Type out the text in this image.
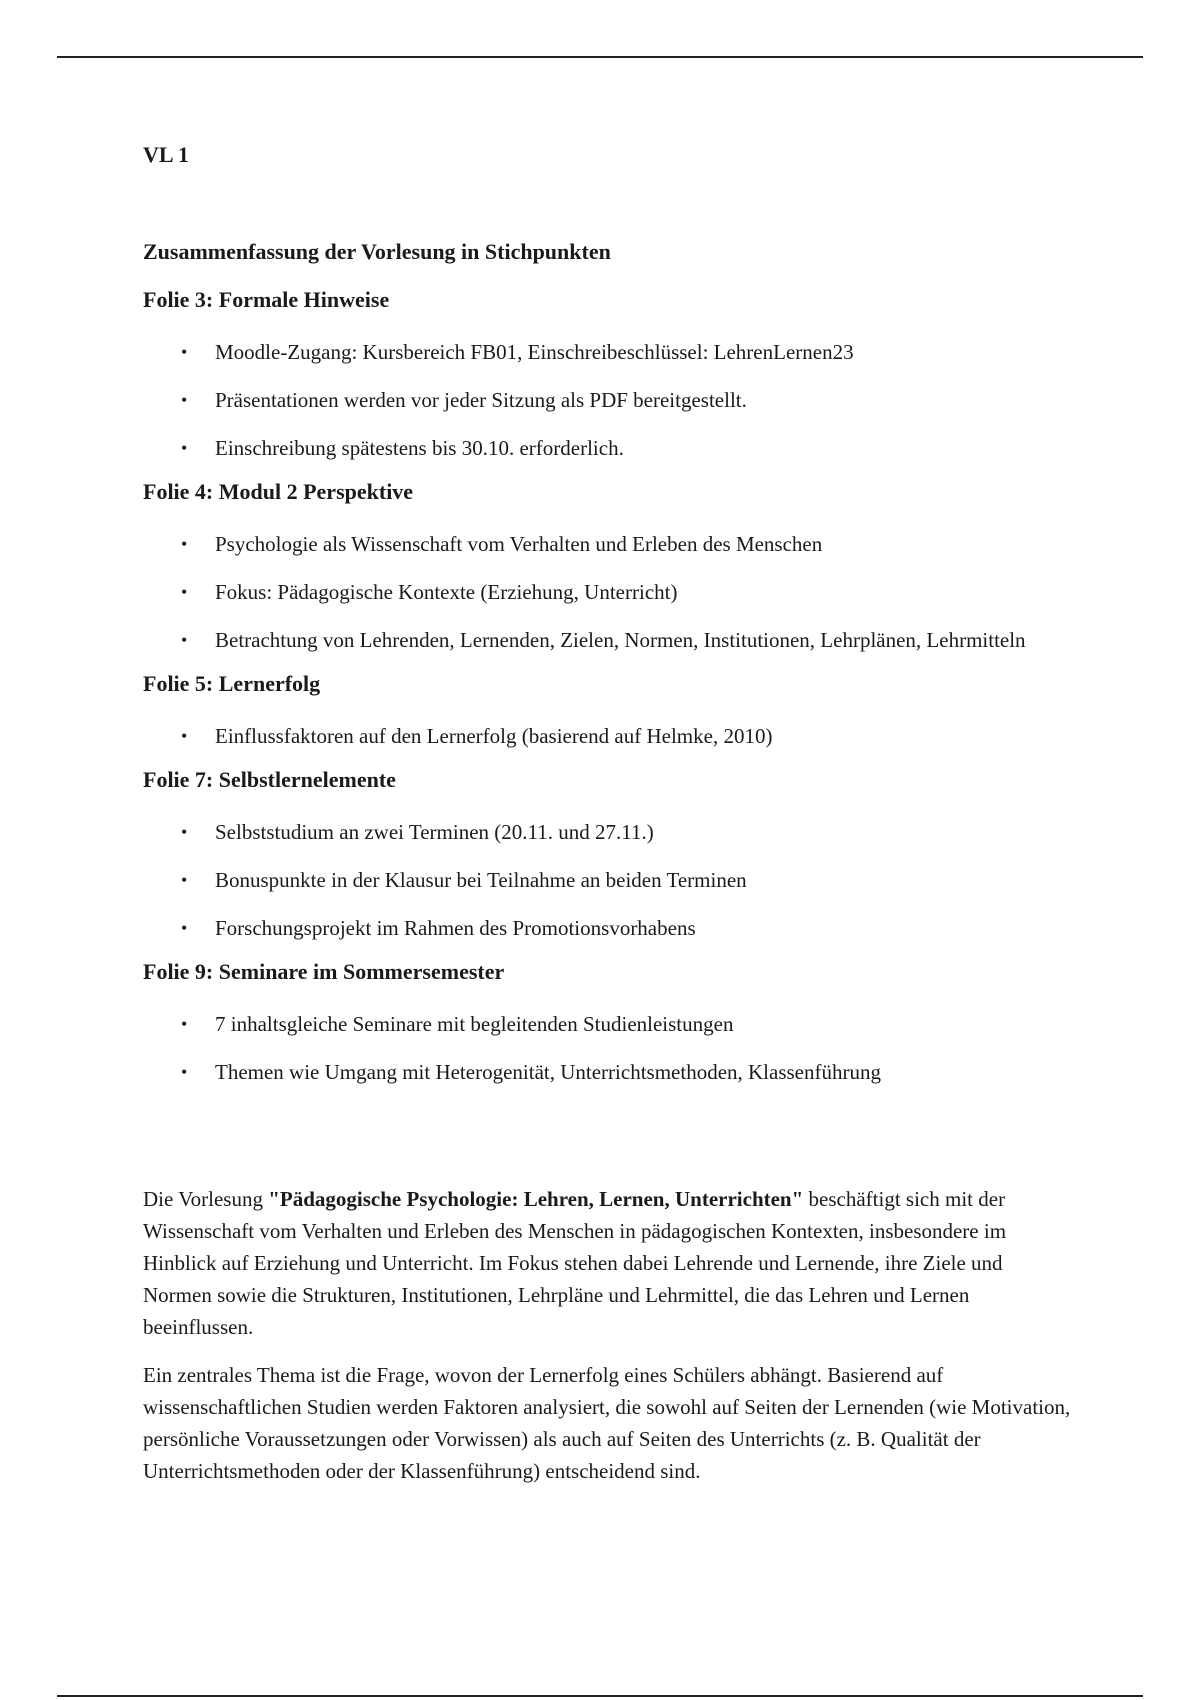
VL 1
Zusammenfassung der Vorlesung in Stichpunkten
Folie 3: Formale Hinweise
• Moodle-Zugang: Kursbereich FB01, Einschreibeschlüssel: LehrenLernen23
• Präsentationen werden vor jeder Sitzung als PDF bereitgestellt.
• Einschreibung spätestens bis 30.10. erforderlich.
Folie 4: Modul 2 Perspektive
• Psychologie als Wissenschaft vom Verhalten und Erleben des Menschen
• Fokus: Pädagogische Kontexte (Erziehung, Unterricht)
• Betrachtung von Lehrenden, Lernenden, Zielen, Normen, Institutionen, Lehrplänen, Lehrmitteln
Folie 5: Lernerfolg
• Einflussfaktoren auf den Lernerfolg (basierend auf Helmke, 2010)
Folie 7: Selbstlernelemente
• Selbststudium an zwei Terminen (20.11. und 27.11.)
• Bonuspunkte in der Klausur bei Teilnahme an beiden Terminen
• Forschungsprojekt im Rahmen des Promotionsvorhabens
Folie 9: Seminare im Sommersemester
• 7 inhaltsgleiche Seminare mit begleitenden Studienleistungen
• Themen wie Umgang mit Heterogenität, Unterrichtsmethoden, Klassenführung

Die Vorlesung "Pädagogische Psychologie: Lehren, Lernen, Unterrichten" beschäftigt sich mit der Wissenschaft vom Verhalten und Erleben des Menschen in pädagogischen Kontexten, insbesondere im Hinblick auf Erziehung und Unterricht. Im Fokus stehen dabei Lehrende und Lernende, ihre Ziele und Normen sowie die Strukturen, Institutionen, Lehrpläne und Lehrmittel, die das Lehren und Lernen beeinflussen.

Ein zentrales Thema ist die Frage, wovon der Lernerfolg eines Schülers abhängt. Basierend auf wissenschaftlichen Studien werden Faktoren analysiert, die sowohl auf Seiten der Lernenden (wie Motivation, persönliche Voraussetzungen oder Vorwissen) als auch auf Seiten des Unterrichts (z. B. Qualität der Unterrichtsmethoden oder der Klassenführung) entscheidend sind.
